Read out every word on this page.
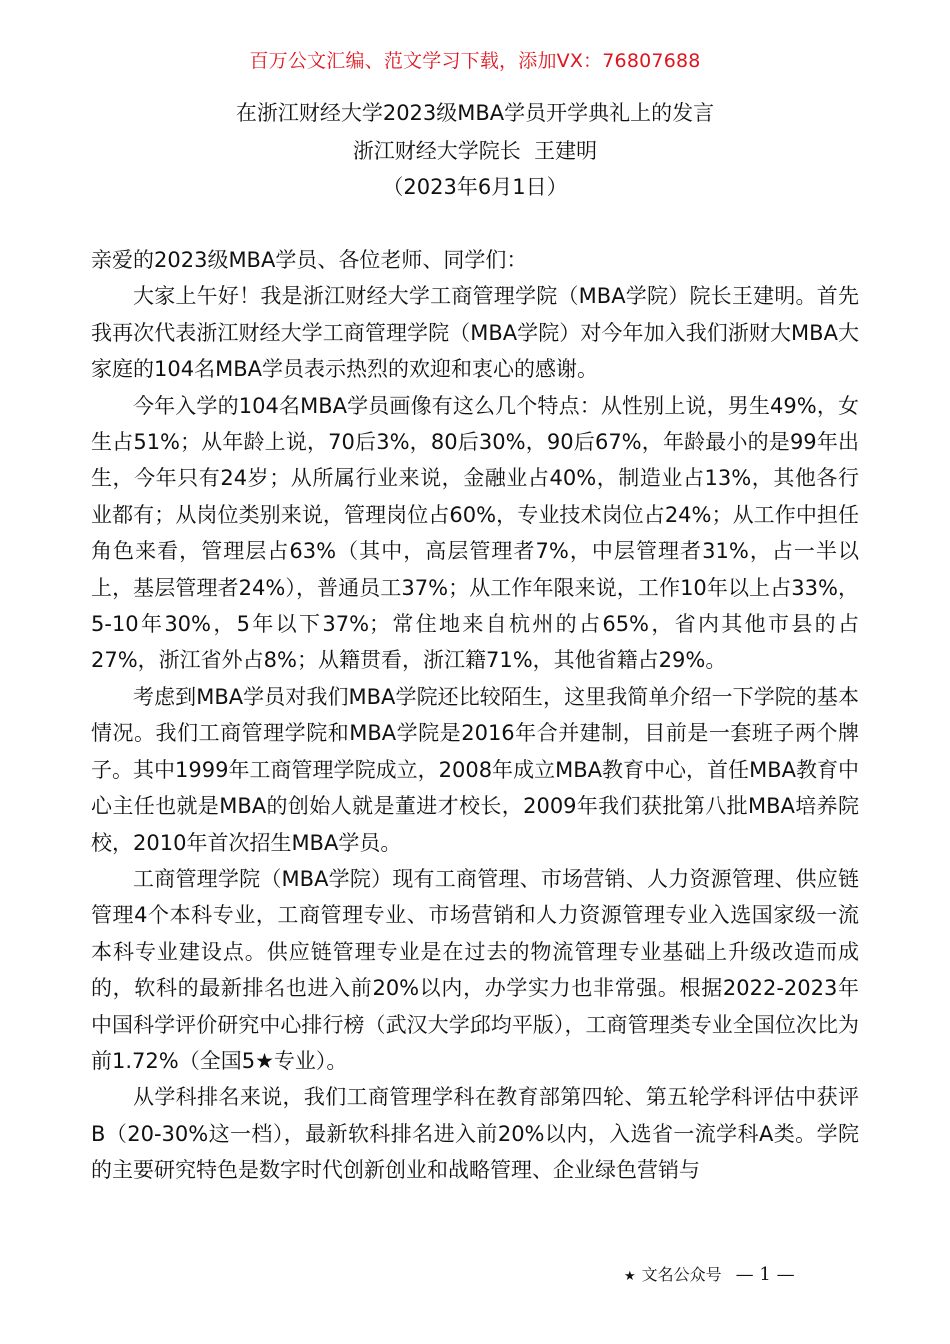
百万公文汇编、范文学习下载，添加VX：76807688
在浙江财经大学2023级MBA学员开学典礼上的发言
浙江财经大学院长  王建明
（2023年6月1日）

亲爱的2023级MBA学员、各位老师、同学们：

大家上午好！我是浙江财经大学工商管理学院（MBA学院）院长王建明。首先我再次代表浙江财经大学工商管理学院（MBA学院）对今年加入我们浙财大MBA大家庭的104名MBA学员表示热烈的欢迎和衷心的感谢。

今年入学的104名MBA学员画像有这么几个特点：从性别上说，男生49%，女生占51%；从年龄上说，70后3%，80后30%，90后67%，年龄最小的是99年出生，今年只有24岁；从所属行业来说，金融业占40%，制造业占13%，其他各行业都有；从岗位类别来说，管理岗位占60%，专业技术岗位占24%；从工作中担任角色来看，管理层占63%（其中，高层管理者7%，中层管理者31%，占一半以上，基层管理者24%），普通员工37%；从工作年限来说，工作10年以上占33%，5-10年30%，5年以下37%；常住地来自杭州的占65%，省内其他市县的占27%，浙江省外占8%；从籍贯看，浙江籍71%，其他省籍占29%。

考虑到MBA学员对我们MBA学院还比较陌生，这里我简单介绍一下学院的基本情况。我们工商管理学院和MBA学院是2016年合并建制，目前是一套班子两个牌子。其中1999年工商管理学院成立，2008年成立MBA教育中心，首任MBA教育中心主任也就是MBA的创始人就是董进才校长，2009年我们获批第八批MBA培养院校，2010年首次招生MBA学员。

工商管理学院（MBA学院）现有工商管理、市场营销、人力资源管理、供应链管理4个本科专业，工商管理专业、市场营销和人力资源管理专业入选国家级一流本科专业建设点。供应链管理专业是在过去的物流管理专业基础上升级改造而成的，软科的最新排名也进入前20%以内，办学实力也非常强。根据2022-2023年中国科学评价研究中心排行榜（武汉大学邱均平版），工商管理类专业全国位次比为前1.72%（全国5★专业）。

从学科排名来说，我们工商管理学科在教育部第四轮、第五轮学科评估中获评B（20-30%这一档），最新软科排名进入前20%以内，入选省一流学科A类。学院的主要研究特色是数字时代创新创业和战略管理、企业绿色营销与

★ 文名公众号 — 1 —
